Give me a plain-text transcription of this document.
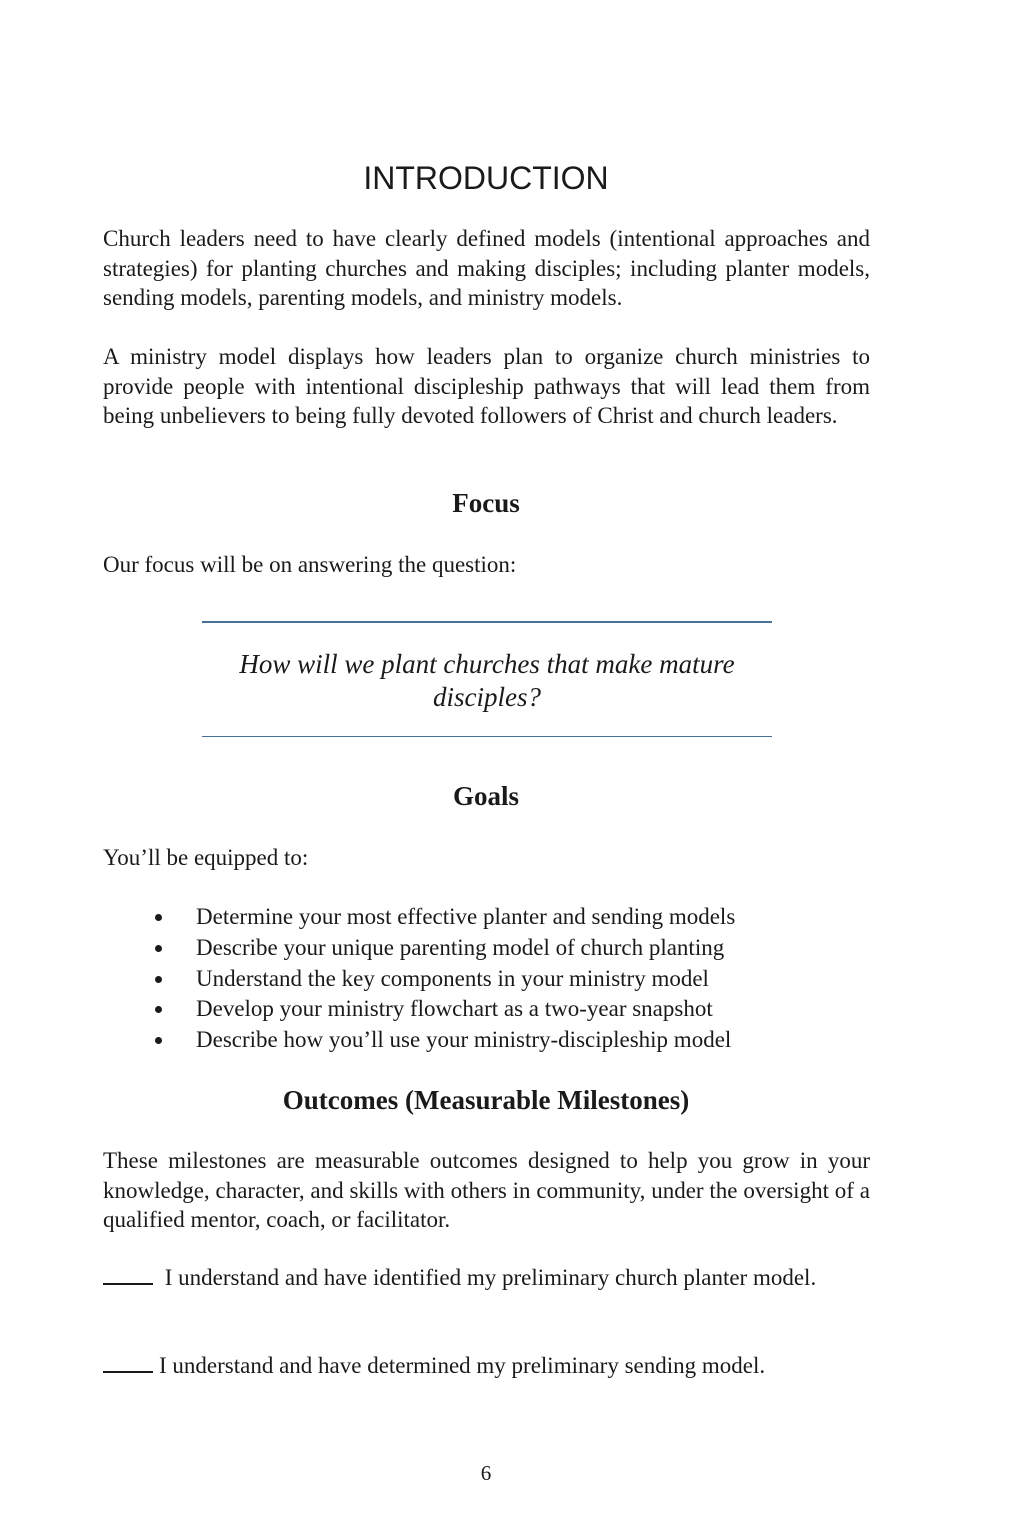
INTRODUCTION

Church leaders need to have clearly defined models (intentional approaches and strategies) for planting churches and making disciples; including planter models, sending models, parenting models, and ministry models.

A ministry model displays how leaders plan to organize church ministries to provide people with intentional discipleship pathways that will lead them from being unbelievers to being fully devoted followers of Christ and church leaders.

Focus

Our focus will be on answering the question:

How will we plant churches that make mature disciples?

Goals

You’ll be equipped to:

Determine your most effective planter and sending models
Describe your unique parenting model of church planting
Understand the key components in your ministry model
Develop your ministry flowchart as a two-year snapshot
Describe how you’ll use your ministry-discipleship model
Outcomes (Measurable Milestones)

These milestones are measurable outcomes designed to help you grow in your knowledge, character, and skills with others in community, under the oversight of a qualified mentor, coach, or facilitator.

I understand and have identified my preliminary church planter model.

I understand and have determined my preliminary sending model.

6
